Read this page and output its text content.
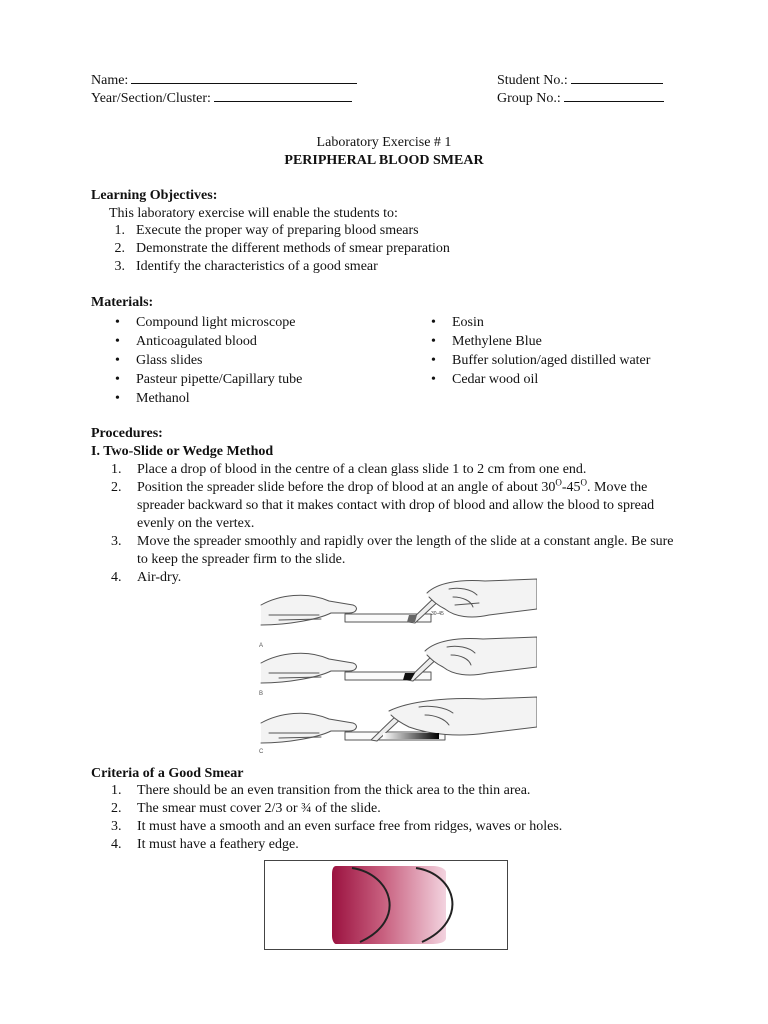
Name:
Year/Section/Cluster:
Student No.:
Group No.:
Laboratory Exercise # 1
PERIPHERAL BLOOD SMEAR
Learning Objectives:
This laboratory exercise will enable the students to:
1. Execute the proper way of preparing blood smears
2. Demonstrate the different methods of smear preparation
3. Identify the characteristics of a good smear
Materials:
• Compound light microscope
• Anticoagulated blood
• Glass slides
• Pasteur pipette/Capillary tube
• Methanol
• Eosin
• Methylene Blue
• Buffer solution/aged distilled water
• Cedar wood oil
Procedures:
I. Two-Slide or Wedge Method
1.	Place a drop of blood in the centre of a clean glass slide 1 to 2 cm from one end.
2.	Position the spreader slide before the drop of blood at an angle of about $30^O-45^O$. Move the spreader backward so that it makes contact with drop of blood and allow the blood to spread evenly on the vertex.
3.	Move the spreader smoothly and rapidly over the length of the slide at a constant angle. Be sure to keep the spreader firm to the slide.
4.	Air-dry.
A
B
C
30-45
Criteria of a Good Smear
1.	There should be an even transition from the thick area to the thin area.
2.	The smear must cover 2/3 or ¾ of the slide.
3.	It must have a smooth and an even surface free from ridges, waves or holes.
4.	It must have a feathery edge.
